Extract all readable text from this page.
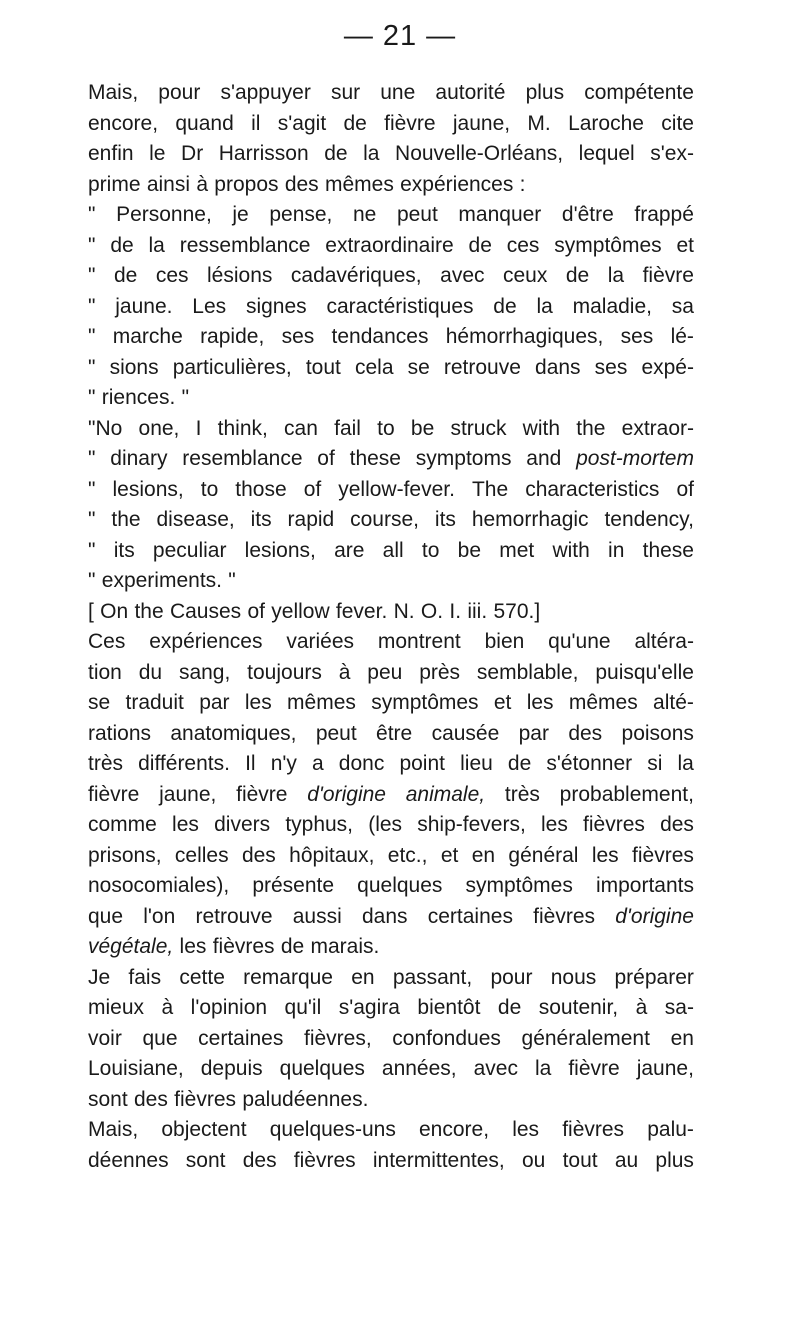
— 21 —
Mais, pour s'appuyer sur une autorité plus compétente
encore, quand il s'agit de fièvre jaune, M. Laroche cite
enfin le Dr Harrisson de la Nouvelle-Orléans, lequel s'ex-
prime ainsi à propos des mêmes expériences :
" Personne, je pense, ne peut manquer d'être frappé
" de la ressemblance extraordinaire de ces symptômes et
" de ces lésions cadavériques, avec ceux de la fièvre
" jaune. Les signes caractéristiques de la maladie, sa
" marche rapide, ses tendances hémorrhagiques, ses lé-
" sions particulières, tout cela se retrouve dans ses expé-
" riences. "
"No one, I think, can fail to be struck with the extraor-
" dinary resemblance of these symptoms and post-mortem
" lesions, to those of yellow-fever. The characteristics of
" the disease, its rapid course, its hemorrhagic tendency,
" its peculiar lesions, are all to be met with in these
" experiments. "
[ On the Causes of yellow fever. N. O. I. iii. 570.]
Ces expériences variées montrent bien qu'une altéra-
tion du sang, toujours à peu près semblable, puisqu'elle
se traduit par les mêmes symptômes et les mêmes alté-
rations anatomiques, peut être causée par des poisons
très différents. Il n'y a donc point lieu de s'étonner si la
fièvre jaune, fièvre d'origine animale, très probablement,
comme les divers typhus, (les ship-fevers, les fièvres des
prisons, celles des hôpitaux, etc., et en général les fièvres
nosocomiales), présente quelques symptômes importants
que l'on retrouve aussi dans certaines fièvres d'origine
végétale, les fièvres de marais.
Je fais cette remarque en passant, pour nous préparer
mieux à l'opinion qu'il s'agira bientôt de soutenir, à sa-
voir que certaines fièvres, confondues généralement en
Louisiane, depuis quelques années, avec la fièvre jaune,
sont des fièvres paludéennes.
Mais, objectent quelques-uns encore, les fièvres palu-
déennes sont des fièvres intermittentes, ou tout au plus
